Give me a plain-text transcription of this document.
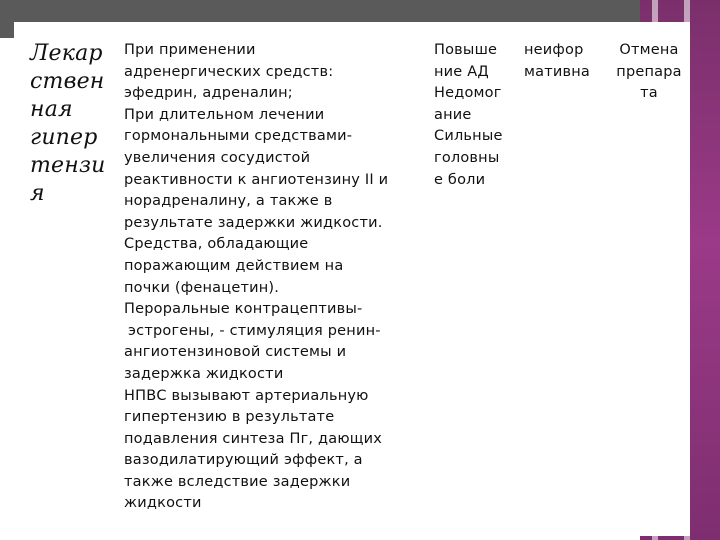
Лекар
ствен
ная
гипер
тензи
я
При применении
адренергических средств:
эфедрин, адреналин;
При длительном лечении
гормональными средствами-
увеличения сосудистой
реактивности к ангиотензину II и
норадреналину, а также в
результате задержки жидкости.
Средства, обладающие
поражающим действием на
почки (фенацетин).
Пероральные контрацептивы-
эстрогены, - стимуляция ренин-
ангиотензиновой системы и
задержка жидкости
НПВС вызывают артериальную
гипертензию в результате
подавления синтеза Пг, дающих
вазодилатирующий эффект, а
также вследствие задержки
жидкости
Повыше
ние АД
Недомог
ание
Сильные
головны
е боли
неифор
мативна
Отмена
препара
та
